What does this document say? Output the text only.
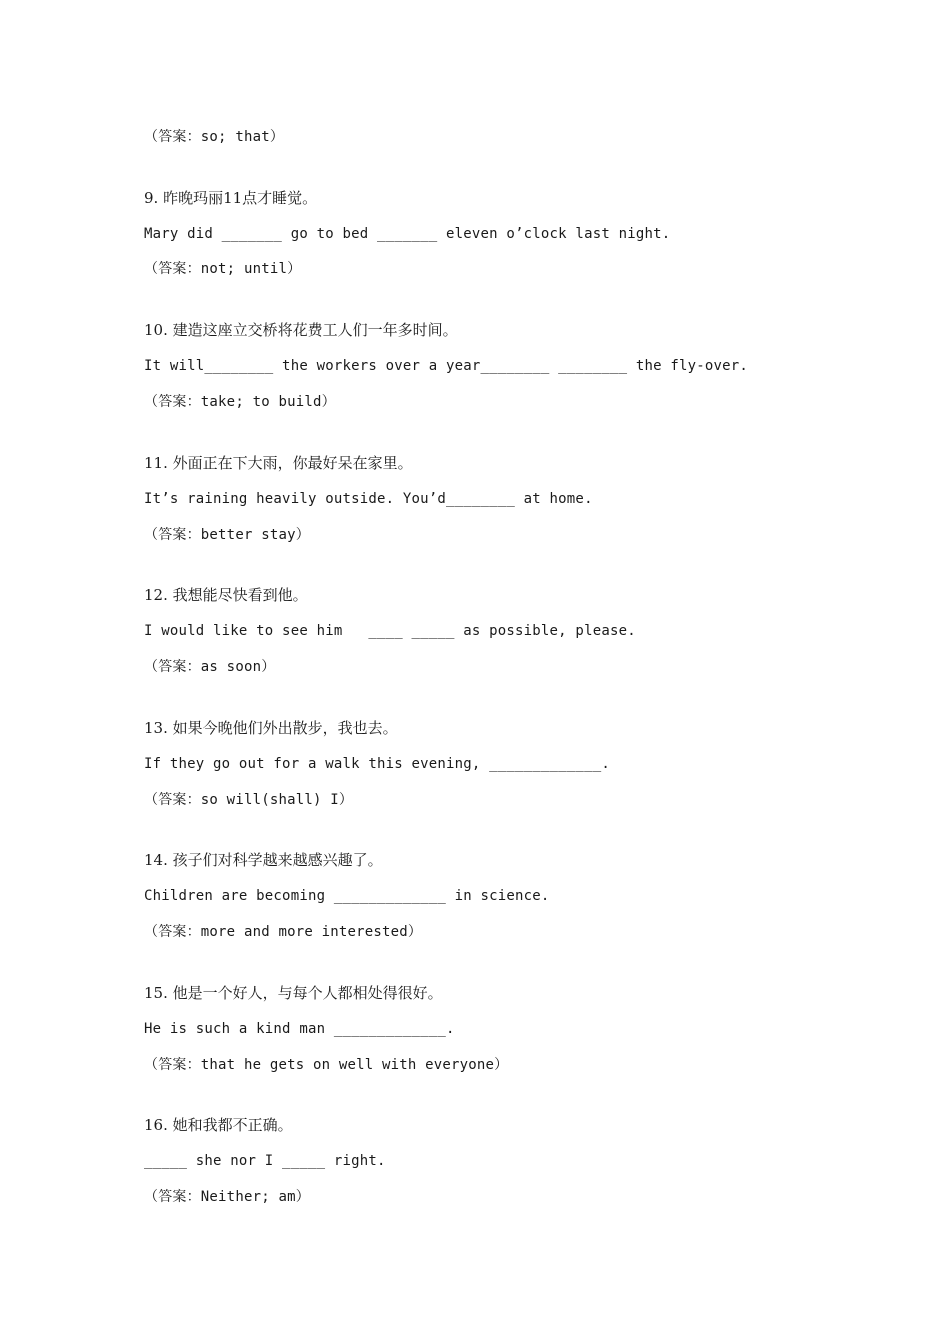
（答案：so; that）
9. 昨晚玛丽11点才睡觉。
Mary did _______ go to bed _______ eleven o’clock last night.
（答案：not; until）
10. 建造这座立交桥将花费工人们一年多时间。
It will________ the workers over a year________ ________ the fly-over.
（答案：take; to build）
11. 外面正在下大雨，你最好呆在家里。
It’s raining heavily outside. You’d________ at home.
（答案：better stay）
12. 我想能尽快看到他。
I would like to see him   ____ _____ as possible, please.
（答案：as soon）
13. 如果今晚他们外出散步，我也去。
If they go out for a walk this evening, _____________.
（答案：so will(shall) I）
14. 孩子们对科学越来越感兴趣了。
Children are becoming _____________ in science.
（答案：more and more interested）
15. 他是一个好人，与每个人都相处得很好。
He is such a kind man _____________.
（答案：that he gets on well with everyone）
16. 她和我都不正确。
_____ she nor I _____ right.
（答案：Neither; am）
